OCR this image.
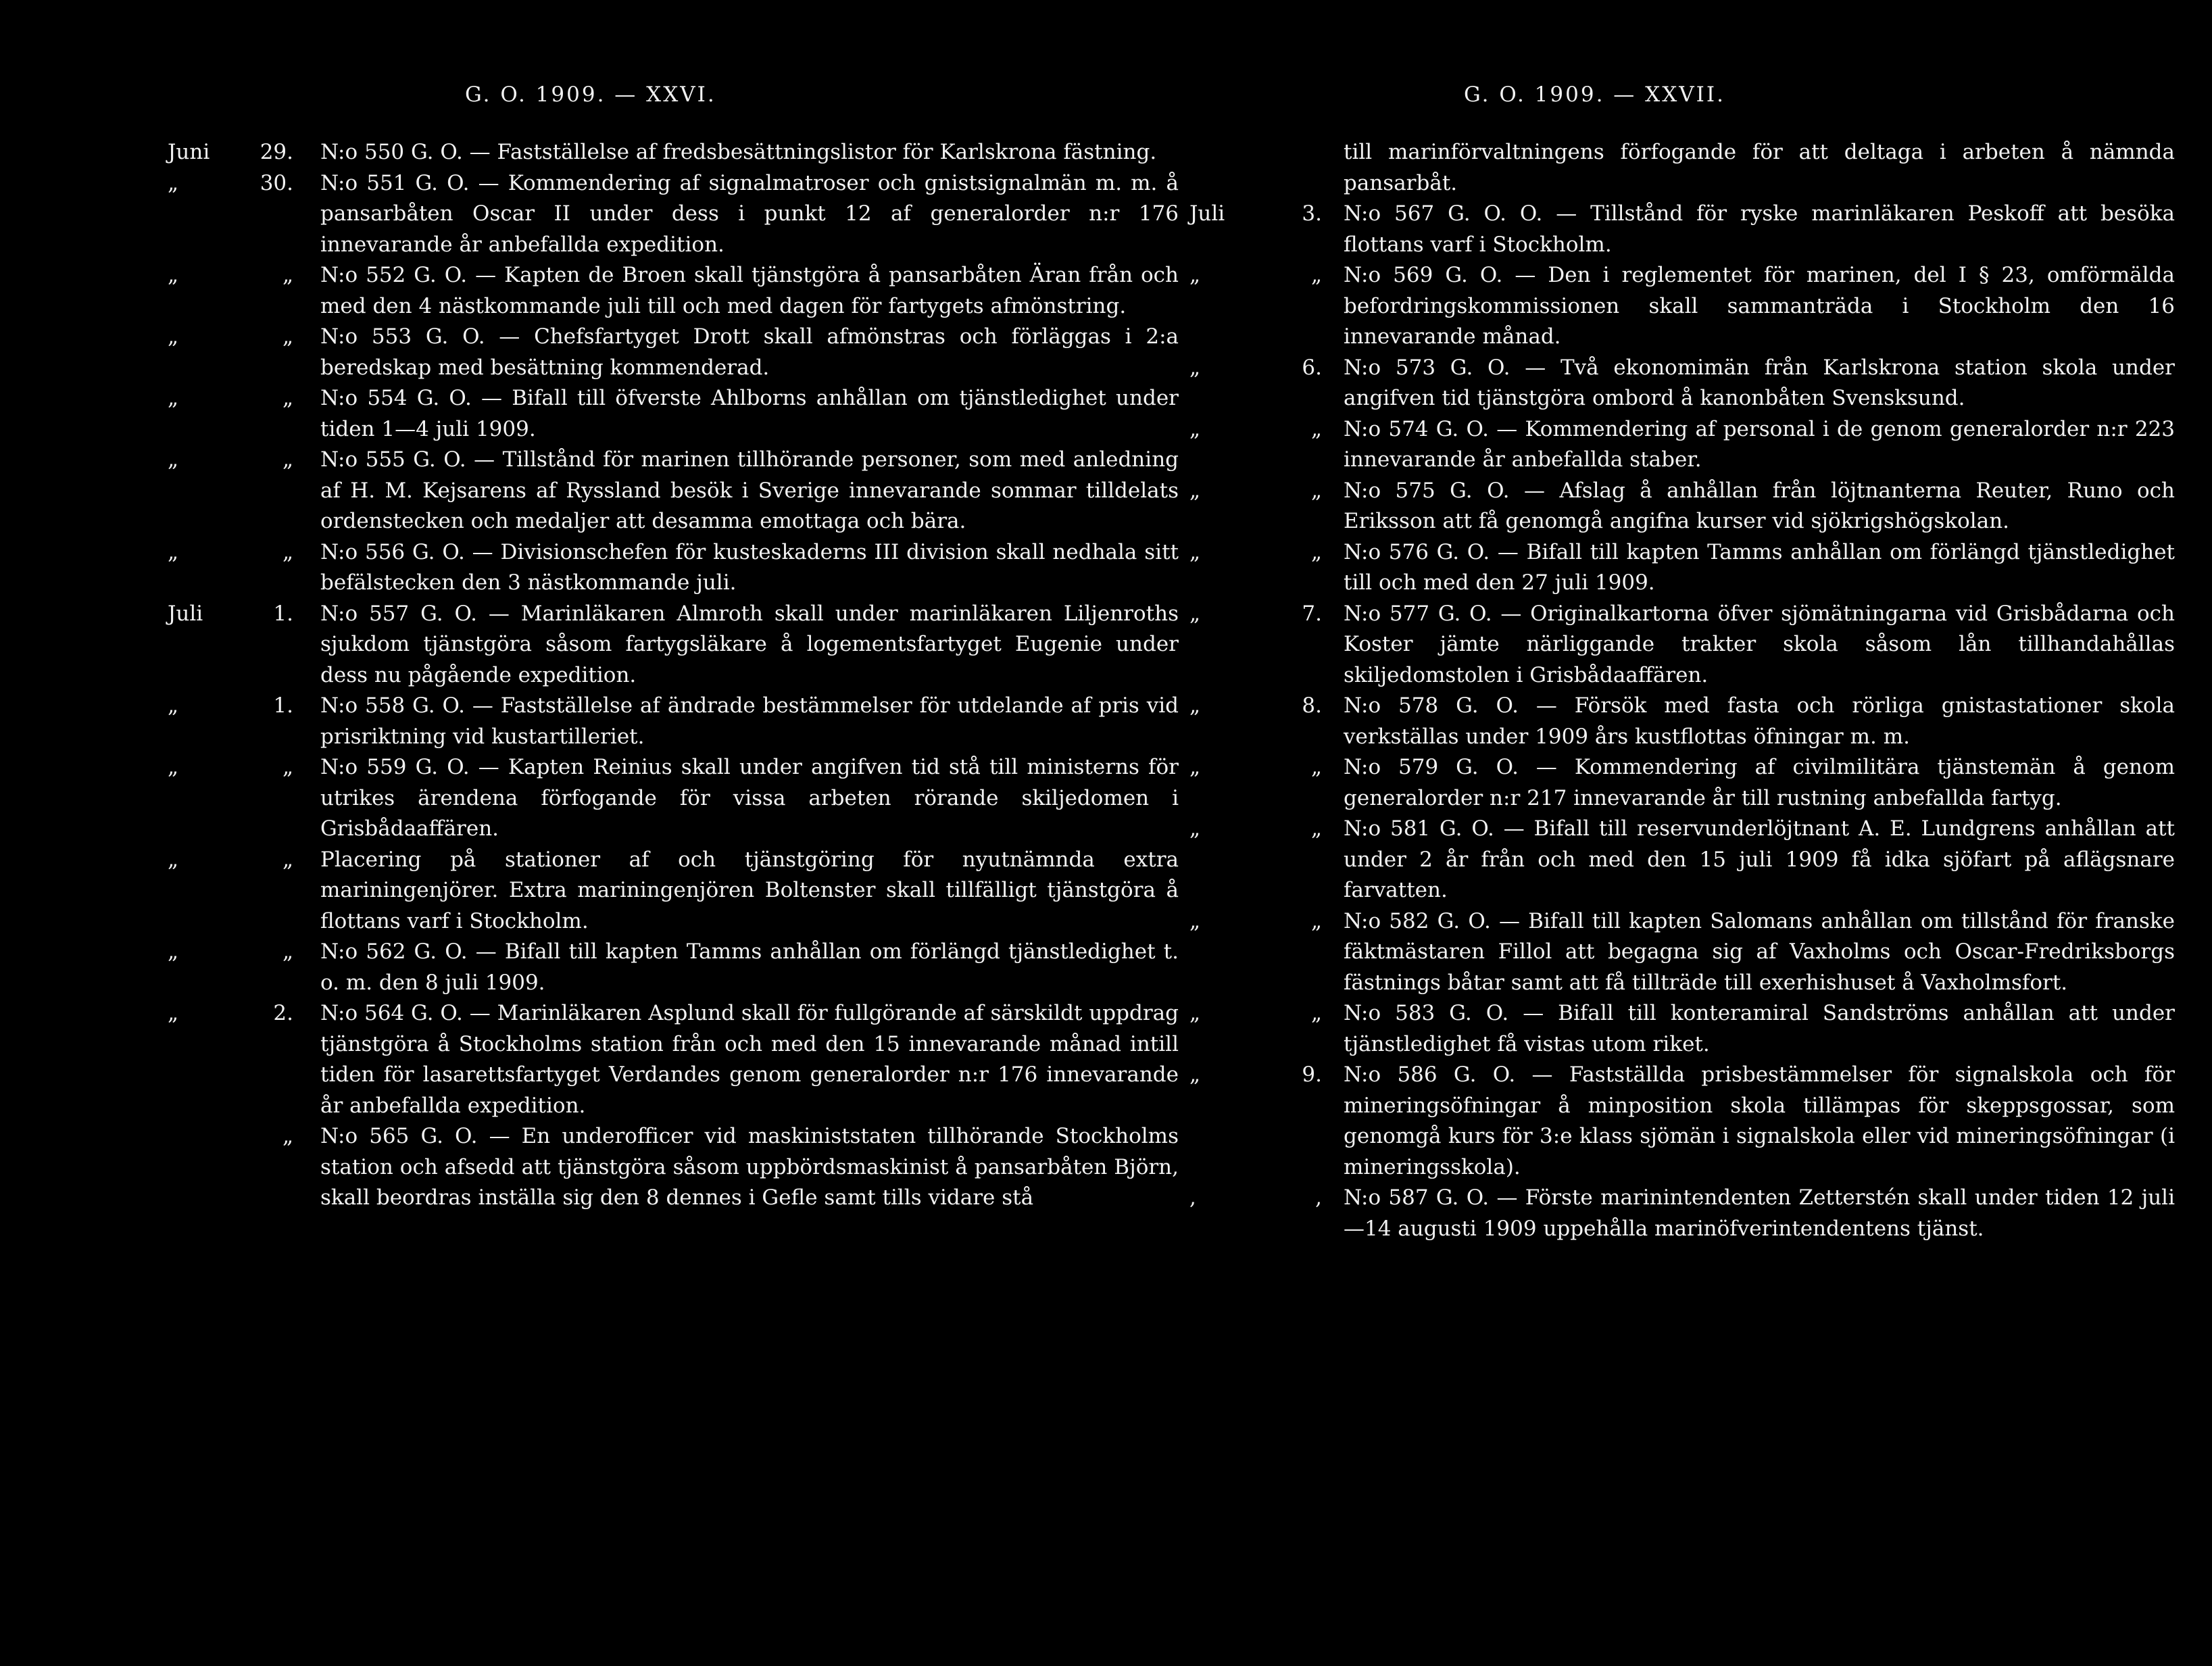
G. O. 1909. — XXVI.
Juni	29. N:o 550 G. O. — Fastställelse af fredsbesättningslistor för Karlskrona fästning.
„	30. N:o 551 G. O. — Kommendering af signalmatroser och gnistsignalmän m. m. å pansarbåten Oscar II under dess i punkt 12 af generalorder n:r 176 innevarande år anbefallda expedition.
„	„ N:o 552 G. O. — Kapten de Broen skall tjänstgöra å pansarbåten Äran från och med den 4 nästkommande juli till och med dagen för fartygets afmönstring.
„	„ N:o 553 G. O. — Chefsfartyget Drott skall afmönstras och förläggas i 2:a beredskap med besättning kommenderad.
„	„ N:o 554 G. O. — Bifall till öfverste Ahlborns anhållan om tjänstledighet under tiden 1—4 juli 1909.
„	„ N:o 555 G. O. — Tillstånd för marinen tillhörande personer, som med anledning af H. M. Kejsarens af Ryssland besök i Sverige innevarande sommar tilldelats ordenstecken och medaljer att desamma emottaga och bära.
„	„ N:o 556 G. O. — Divisionschefen för kusteskaderns III division skall nedhala sitt befälstecken den 3 nästkommande juli.
Juli	1. N:o 557 G. O. — Marinläkaren Almroth skall under marinläkaren Liljenroths sjukdom tjänstgöra såsom fartygsläkare å logementsfartyget Eugenie under dess nu pågående expedition.
„	1. N:o 558 G. O. — Fastställelse af ändrade bestämmelser för utdelande af pris vid prisriktning vid kustartilleriet.
„	„ N:o 559 G. O. — Kapten Reinius skall under angifven tid stå till ministerns för utrikes ärendena förfogande för vissa arbeten rörande skiljedomen i Grisbådaaffären.
„	„ Placering på stationer af och tjänstgöring för nyutnämnda extra mariningenjörer. Extra mariningenjören Boltenster skall tillfälligt tjänstgöra å flottans varf i Stockholm.
„	„ N:o 562 G. O. — Bifall till kapten Tamms anhållan om förlängd tjänstledighet t. o. m. den 8 juli 1909.
„	2. N:o 564 G. O. — Marinläkaren Asplund skall för fullgörande af särskildt uppdrag tjänstgöra å Stockholms station från och med den 15 innevarande månad intill tiden för lasarettsfartyget Verdandes genom generalorder n:r 176 innevarande år anbefallda expedition.
„ N:o 565 G. O. — En underofficer vid maskiniststaten tillhörande Stockholms station och afsedd att tjänstgöra såsom uppbördsmaskinist å pansarbåten Björn, skall beordras inställa sig den 8 dennes i Gefle samt tills vidare stå
G. O. 1909. — XXVII.
till marinförvaltningens förfogande för att deltaga i arbeten å nämnda pansarbåt.
Juli	3. N:o 567 G. O. O. — Tillstånd för ryske marinläkaren Peskoff att besöka flottans varf i Stockholm.
„	„ N:o 569 G. O. — Den i reglementet för marinen, del I § 23, omförmälda befordringskommissionen skall sammanträda i Stockholm den 16 innevarande månad.
„	6. N:o 573 G. O. — Två ekonomimän från Karlskrona station skola under angifven tid tjänstgöra ombord å kanonbåten Svensksund.
„	„ N:o 574 G. O. — Kommendering af personal i de genom generalorder n:r 223 innevarande år anbefallda staber.
„	„ N:o 575 G. O. — Afslag å anhållan från löjtnanterna Reuter, Runo och Eriksson att få genomgå angifna kurser vid sjökrigshögskolan.
„	„ N:o 576 G. O. — Bifall till kapten Tamms anhållan om förlängd tjänstledighet till och med den 27 juli 1909.
„	7. N:o 577 G. O. — Originalkartorna öfver sjömätningarna vid Grisbådarna och Koster jämte närliggande trakter skola såsom lån tillhandahållas skiljedomstolen i Grisbådaaffären.
„	8. N:o 578 G. O. — Försök med fasta och rörliga gnistastationer skola verkställas under 1909 års kustflottas öfningar m. m.
„	„ N:o 579 G. O. — Kommendering af civilmilitära tjänstemän å genom generalorder n:r 217 innevarande år till rustning anbefallda fartyg.
„	„ N:o 581 G. O. — Bifall till reservunderlöjtnant A. E. Lundgrens anhållan att under 2 år från och med den 15 juli 1909 få idka sjöfart på aflägsnare farvatten.
„	„ N:o 582 G. O. — Bifall till kapten Salomans anhållan om tillstånd för franske fäktmästaren Fillol att begagna sig af Vaxholms och Oscar-Fredriksborgs fästnings båtar samt att få tillträde till exerhishuset å Vaxholmsfort.
„	„ N:o 583 G. O. — Bifall till konteramiral Sandströms anhållan att under tjänstledighet få vistas utom riket.
„	9. N:o 586 G. O. — Fastställda prisbestämmelser för signalskola och för mineringsöfningar å minposition skola tillämpas för skeppsgossar, som genomgå kurs för 3:e klass sjömän i signalskola eller vid mineringsöfningar (i mineringsskola).
,	, N:o 587 G. O. — Förste marinintendenten Zetterstén skall under tiden 12 juli—14 augusti 1909 uppehålla marinöfverintendentens tjänst.
